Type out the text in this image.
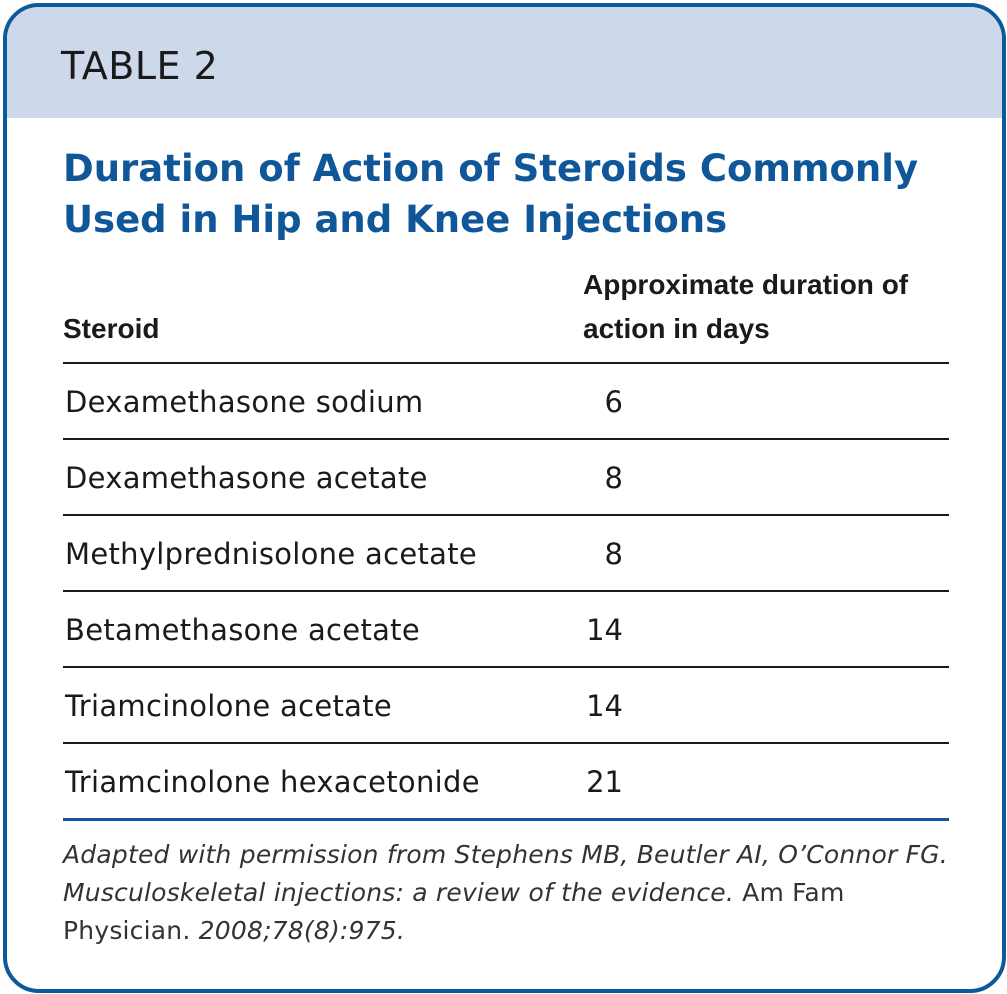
TABLE 2
Duration of Action of Steroids Commonly Used in Hip and Knee Injections
Steroid
Approximate duration of action in days
Dexamethasone sodium	6
Dexamethasone acetate	8
Methylprednisolone acetate	8
Betamethasone acetate	14
Triamcinolone acetate	14
Triamcinolone hexacetonide	21
Adapted with permission from Stephens MB, Beutler AI, O’Connor FG. Musculoskeletal injections: a review of the evidence. Am Fam Physician. 2008;78(8):975.
